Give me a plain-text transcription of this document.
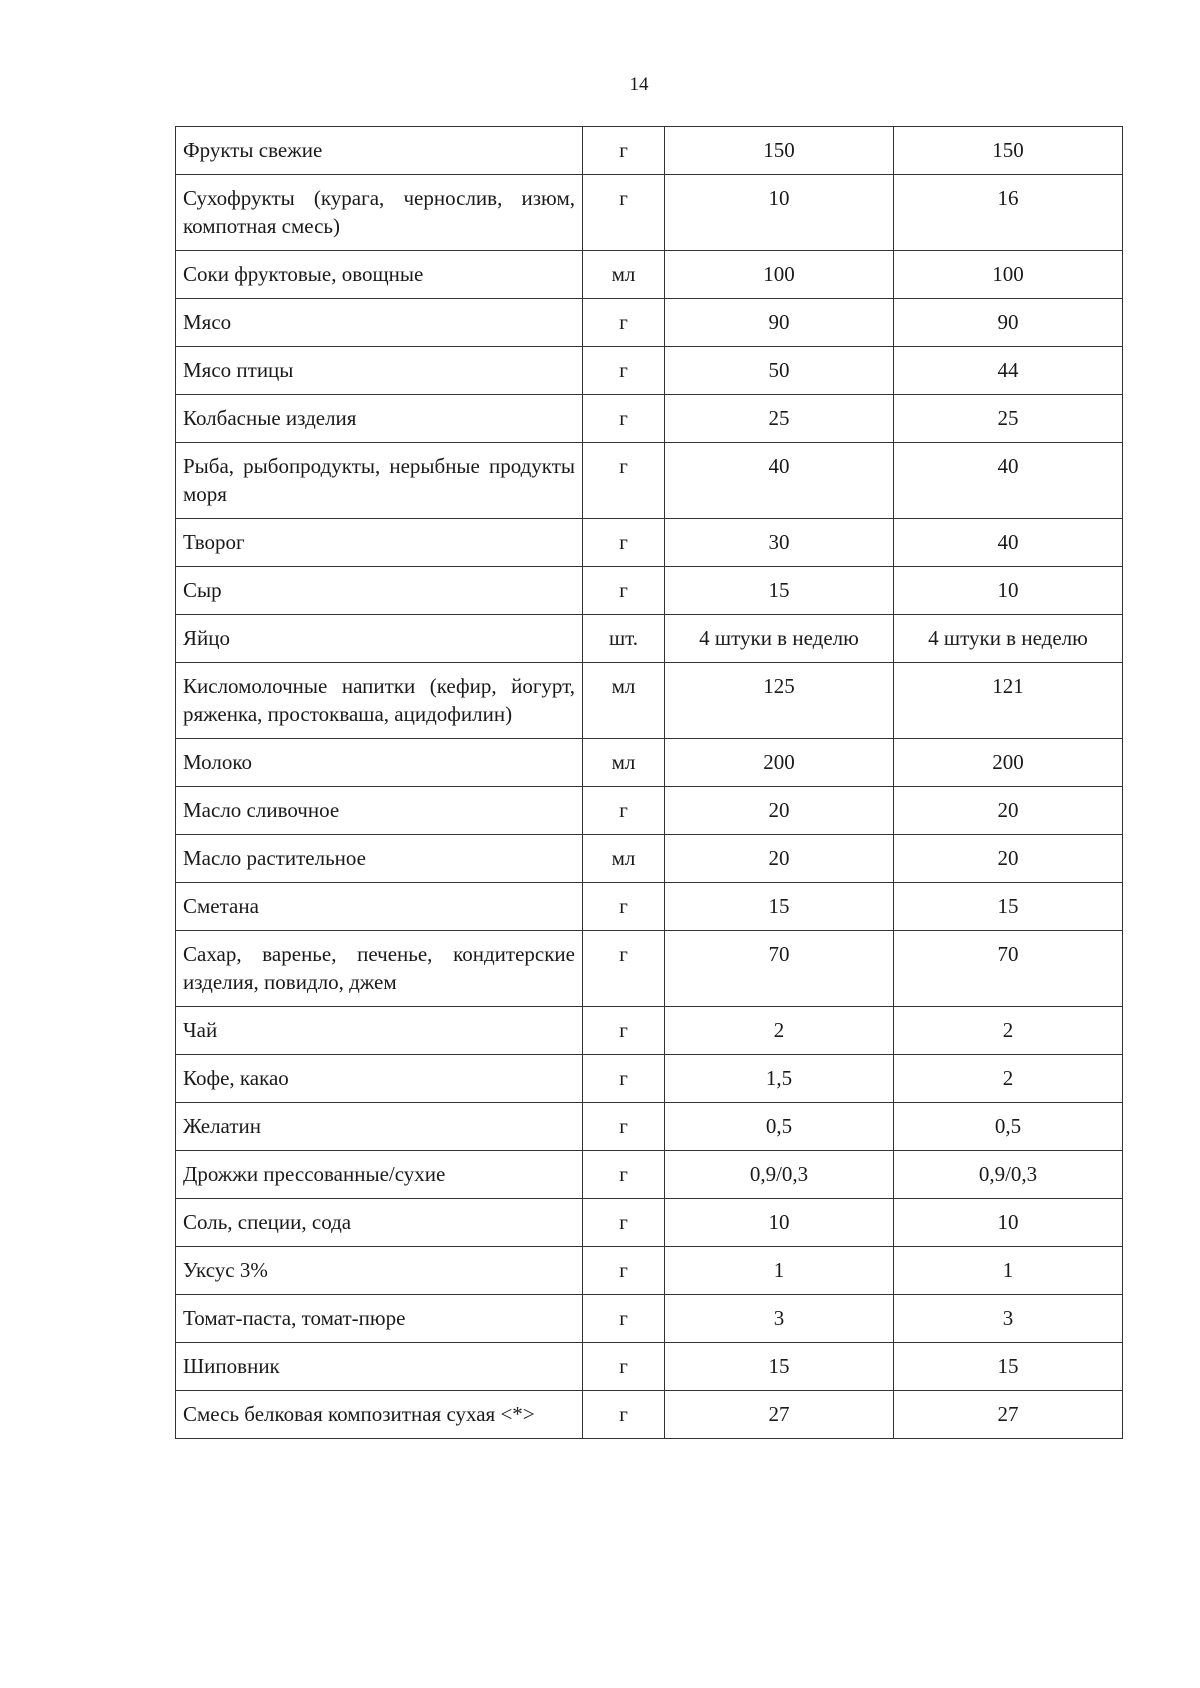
14
Фрукты свежие	г	150	150
Сухофрукты (курага, чернослив, изюм, компотная смесь)	г	10	16
Соки фруктовые, овощные	мл	100	100
Мясо	г	90	90
Мясо птицы	г	50	44
Колбасные изделия	г	25	25
Рыба, рыбопродукты, нерыбные продукты моря	г	40	40
Творог	г	30	40
Сыр	г	15	10
Яйцо	шт.	4 штуки в неделю	4 штуки в неделю
Кисломолочные напитки (кефир, йогурт, ряженка, простокваша, ацидофилин)	мл	125	121
Молоко	мл	200	200
Масло сливочное	г	20	20
Масло растительное	мл	20	20
Сметана	г	15	15
Сахар, варенье, печенье, кондитерские изделия, повидло, джем	г	70	70
Чай	г	2	2
Кофе, какао	г	1,5	2
Желатин	г	0,5	0,5
Дрожжи прессованные/сухие	г	0,9/0,3	0,9/0,3
Соль, специи, сода	г	10	10
Уксус 3%	г	1	1
Томат-паста, томат-пюре	г	3	3
Шиповник	г	15	15
Смесь белковая композитная сухая <*>	г	27	27
